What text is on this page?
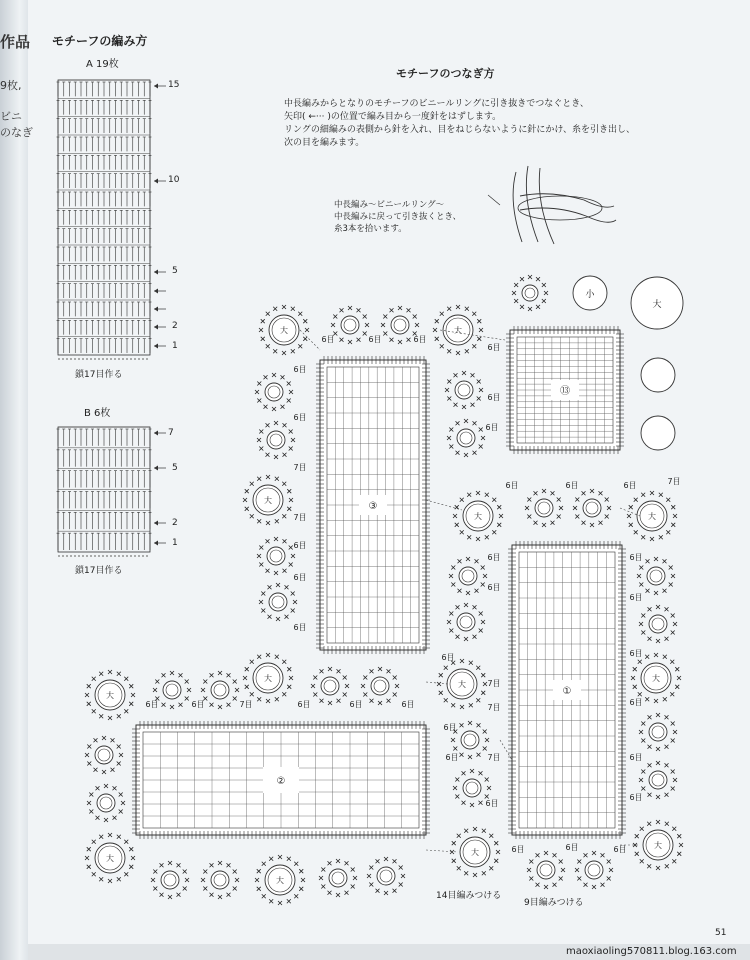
作品
9枚,
ビニ
のなぎ
モチーフの編み方
A 19枚
鎖17目作る
B 6枚
鎖17目作る
15
10
5
2
1
7
5
2
1
モチーフのつなぎ方
中長編みからとなりのモチーフのビニールリングに引き抜きでつなぐとき、
矢印( ←··· )の位置で編み目から一度針をはずします。
リングの細編みの表側から針を入れ、目をねじらないように針にかけ、糸を引き出し、
次の目を編みます。
中長編み～ビニールリング～
中長編みに戻って引き抜くとき、
糸3本を拾います。
14目編みつける
9目編みつける
51
maoxiaoling570811.blog.163.com
③
⑬
①
②
小
大
大	大
大
大	大
大
大
大
大
大
大
大
大
6目	6目	6目
6目
6目
6目
6目
6目
6目
6目
6目
6目	6目	6目
6目
6目
6目
6目
6目
6目
6目
6目
6目
6目
6目
6目
6目	6目	6目
6目	6目	6目	6目	6目
7目
7目
7目
7目
7目
7目
7目
